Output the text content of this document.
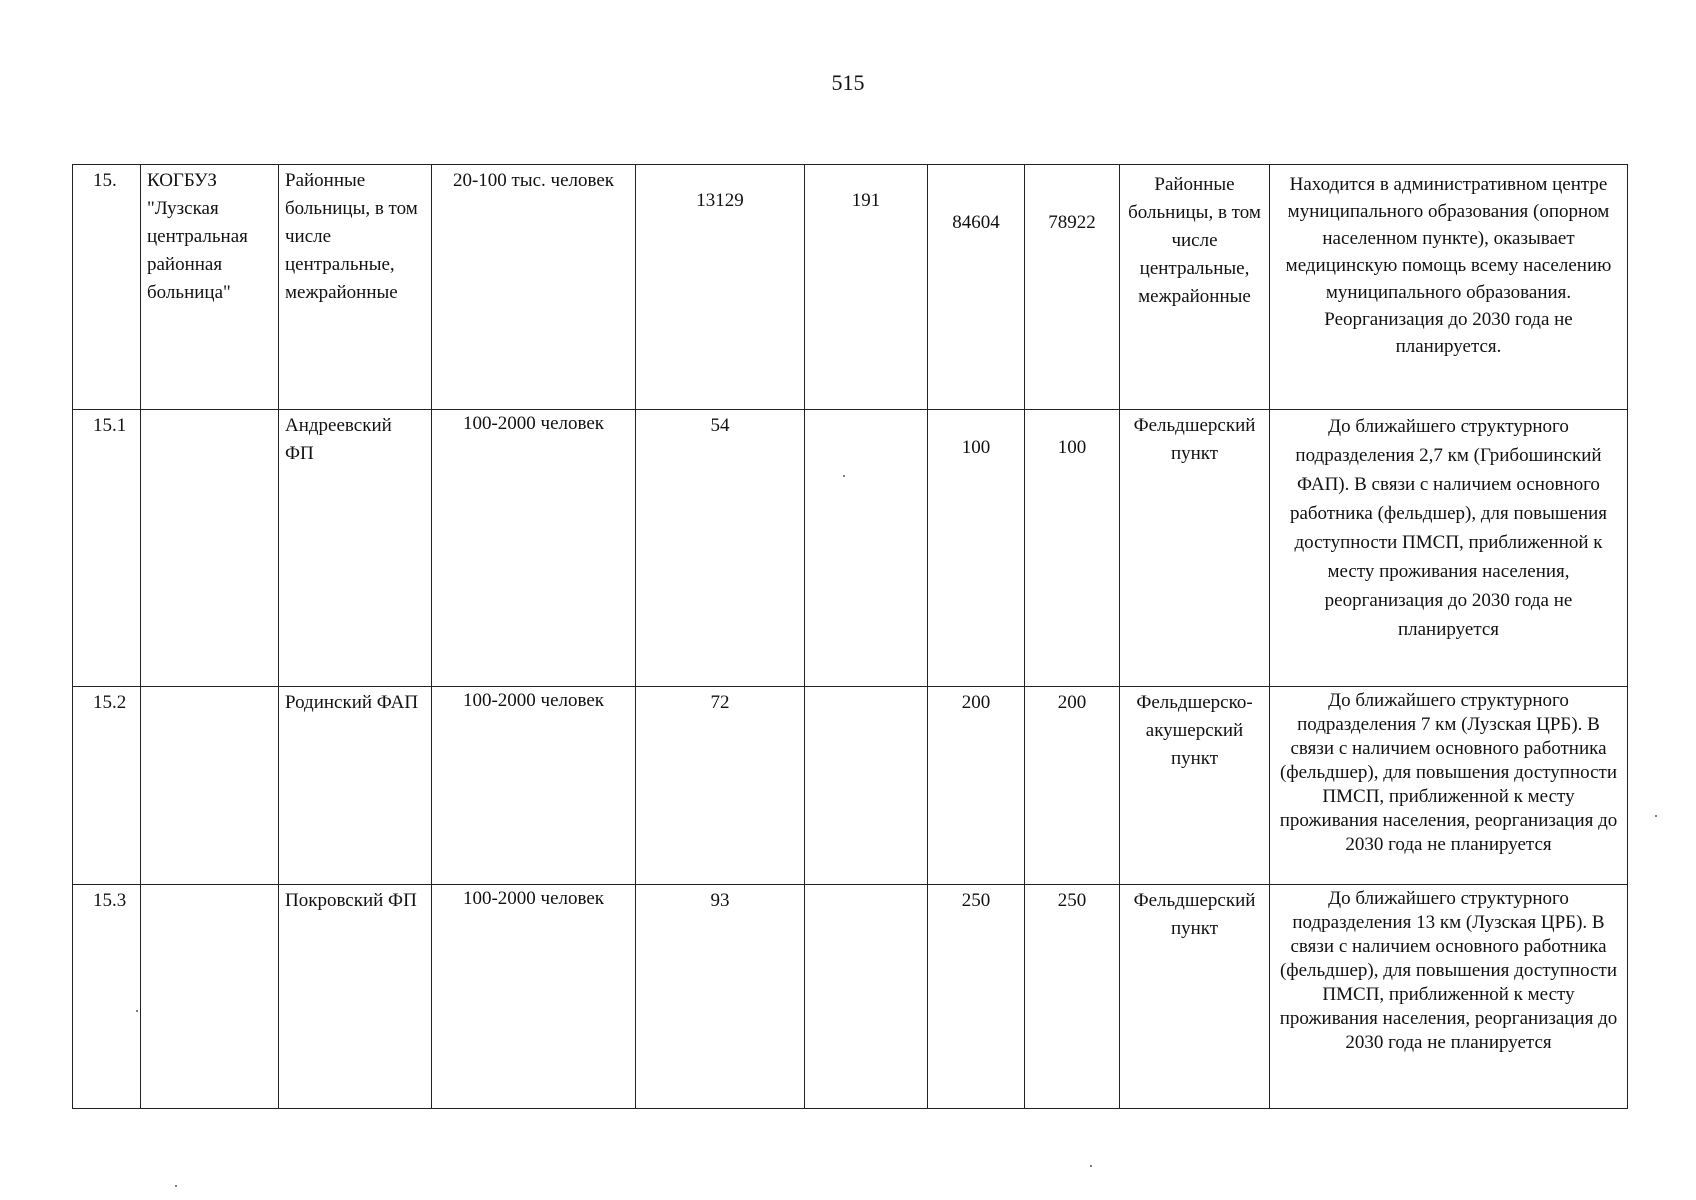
515
15.	КОГБУЗ "Лузская центральная районная больница"	Районные больницы, в том числе центральные, межрайонные	20-100 тыс. человек	13129	191	84604	78922	Районные больницы, в том числе центральные, межрайонные	Находится в административном центре муниципального образования (опорном населенном пункте), оказывает медицинскую помощь всему населению муниципального образования. Реорганизация до 2030 года не планируется.
15.1		Андреевский ФП	100-2000 человек	54		100	100	Фельдшерский пункт	До ближайшего структурного подразделения 2,7 км (Грибошинский ФАП). В связи с наличием основного работника (фельдшер), для повышения доступности ПМСП, приближенной к месту проживания населения, реорганизация до 2030 года не планируется
15.2		Родинский ФАП	100-2000 человек	72		200	200	Фельдшерско-акушерский пункт	До ближайшего структурного подразделения 7 км (Лузская ЦРБ). В связи с наличием основного работника (фельдшер), для повышения доступности ПМСП, приближенной к месту проживания населения, реорганизация до 2030 года не планируется
15.3		Покровский ФП	100-2000 человек	93		250	250	Фельдшерский пункт	До ближайшего структурного подразделения 13 км (Лузская ЦРБ). В связи с наличием основного работника (фельдшер), для повышения доступности ПМСП, приближенной к месту проживания населения, реорганизация до 2030 года не планируется
